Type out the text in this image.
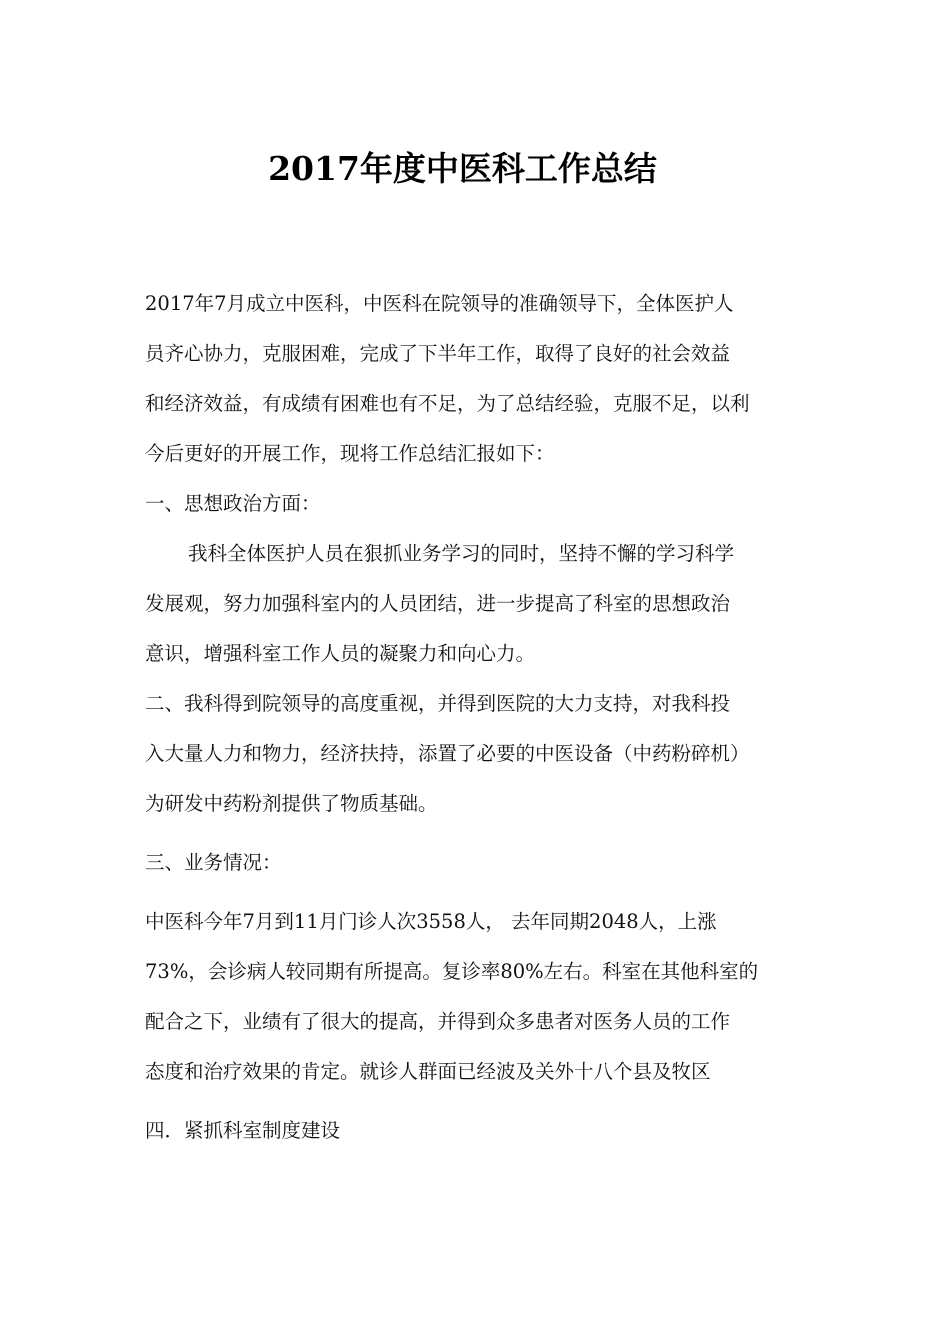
2017年度中医科工作总结
2017年7月成立中医科，中医科在院领导的准确领导下，全体医护人
员齐心协力，克服困难，完成了下半年工作，取得了良好的社会效益
和经济效益，有成绩有困难也有不足，为了总结经验，克服不足，以利
今后更好的开展工作，现将工作总结汇报如下：
一、思想政治方面：
我科全体医护人员在狠抓业务学习的同时，坚持不懈的学习科学
发展观，努力加强科室内的人员团结，进一步提高了科室的思想政治
意识，增强科室工作人员的凝聚力和向心力。
二、我科得到院领导的高度重视，并得到医院的大力支持，对我科投
入大量人力和物力，经济扶持，添置了必要的中医设备（中药粉碎机）
为研发中药粉剂提供了物质基础。
三、业务情况：
中医科今年7月到11月门诊人次3558人， 去年同期2048人，上涨
73%，会诊病人较同期有所提高。复诊率80%左右。科室在其他科室的
配合之下，业绩有了很大的提高，并得到众多患者对医务人员的工作
态度和治疗效果的肯定。就诊人群面已经波及关外十八个县及牧区
四．紧抓科室制度建设
